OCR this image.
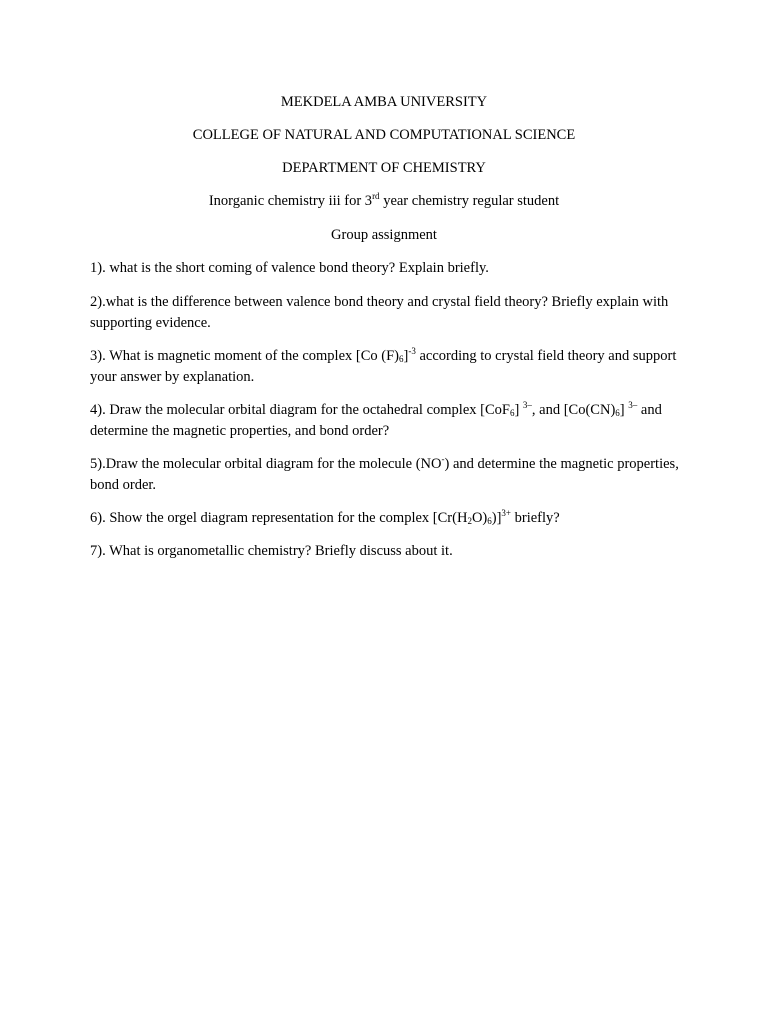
MEKDELA AMBA UNIVERSITY
COLLEGE OF NATURAL AND COMPUTATIONAL SCIENCE
DEPARTMENT OF CHEMISTRY
Inorganic chemistry iii for 3rd year chemistry regular student
Group assignment
1). what is the short coming of valence bond theory? Explain briefly.
2).what is the difference between valence bond theory and crystal field theory? Briefly explain with supporting evidence.
3). What is magnetic moment of the complex [Co $(F)_6]^{-3}$ according to crystal field theory and support your answer by explanation.
4). Draw the molecular orbital diagram for the octahedral complex [CoF$_6$] $^{3-}$, and $[Co(CN)_6]$ $^{3-}$ and determine the magnetic properties, and bond order?
5).Draw the molecular orbital diagram for the molecule (NO-) and determine the magnetic properties, bond order.
6). Show the orgel diagram representation for the complex $[Cr(H_2O)_6)]^{3+}$ briefly?
7). What is organometallic chemistry? Briefly discuss about it.
